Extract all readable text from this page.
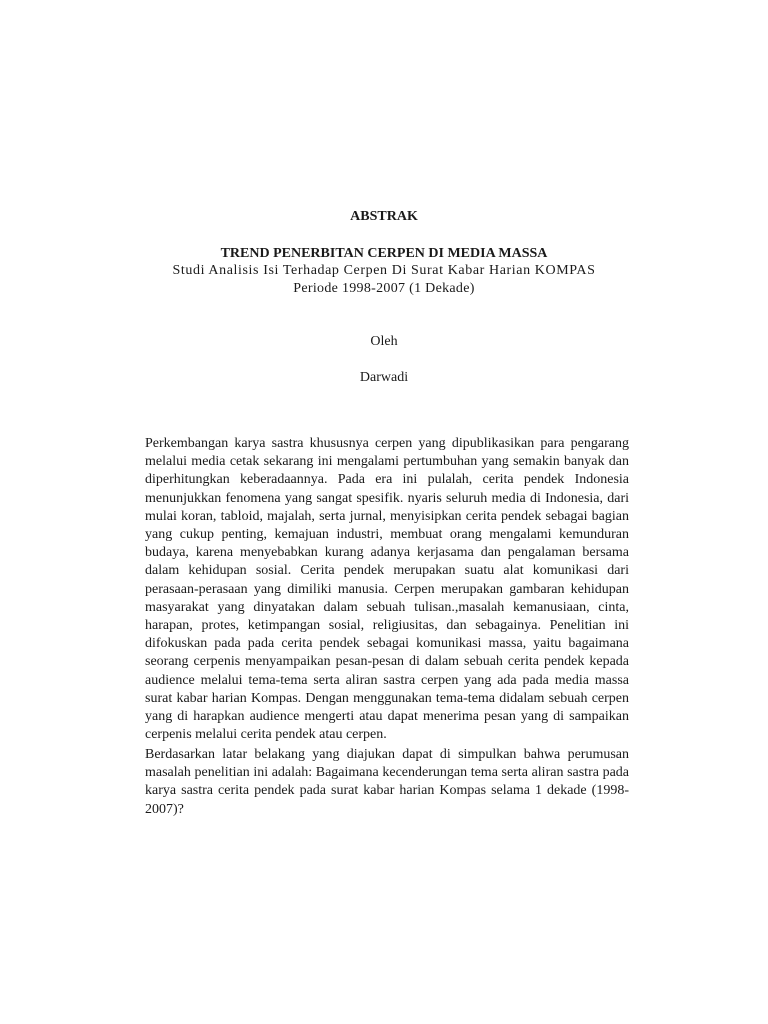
ABSTRAK
TREND PENERBITAN CERPEN DI MEDIA MASSA
Studi Analisis Isi Terhadap Cerpen Di Surat Kabar Harian KOMPAS
Periode 1998-2007 (1 Dekade)
Oleh
Darwadi

Perkembangan karya sastra khususnya cerpen yang dipublikasikan para pengarang melalui media cetak sekarang ini mengalami pertumbuhan yang semakin banyak dan diperhitungkan keberadaannya. Pada era ini pulalah, cerita pendek Indonesia menunjukkan fenomena yang sangat spesifik. nyaris seluruh media di Indonesia, dari mulai koran, tabloid, majalah, serta jurnal, menyisipkan cerita pendek sebagai bagian yang cukup penting, kemajuan industri, membuat orang mengalami kemunduran budaya, karena menyebabkan kurang adanya kerjasama dan pengalaman bersama dalam kehidupan sosial. Cerita pendek merupakan suatu alat komunikasi dari perasaan-perasaan yang dimiliki manusia. Cerpen merupakan gambaran kehidupan masyarakat yang dinyatakan dalam sebuah tulisan.,masalah kemanusiaan, cinta, harapan, protes, ketimpangan sosial, religiusitas, dan sebagainya. Penelitian ini difokuskan pada pada cerita pendek sebagai komunikasi massa, yaitu bagaimana seorang cerpenis menyampaikan pesan-pesan di dalam sebuah cerita pendek kepada audience melalui tema-tema serta aliran sastra cerpen yang ada pada media massa surat kabar harian Kompas. Dengan menggunakan tema-tema didalam sebuah cerpen yang di harapkan audience mengerti atau dapat menerima pesan yang di sampaikan cerpenis melalui cerita pendek atau cerpen.

Berdasarkan latar belakang yang diajukan dapat di simpulkan bahwa perumusan masalah penelitian ini adalah: Bagaimana kecenderungan tema serta aliran sastra pada karya sastra cerita pendek pada surat kabar harian Kompas selama 1 dekade (1998-2007)?
